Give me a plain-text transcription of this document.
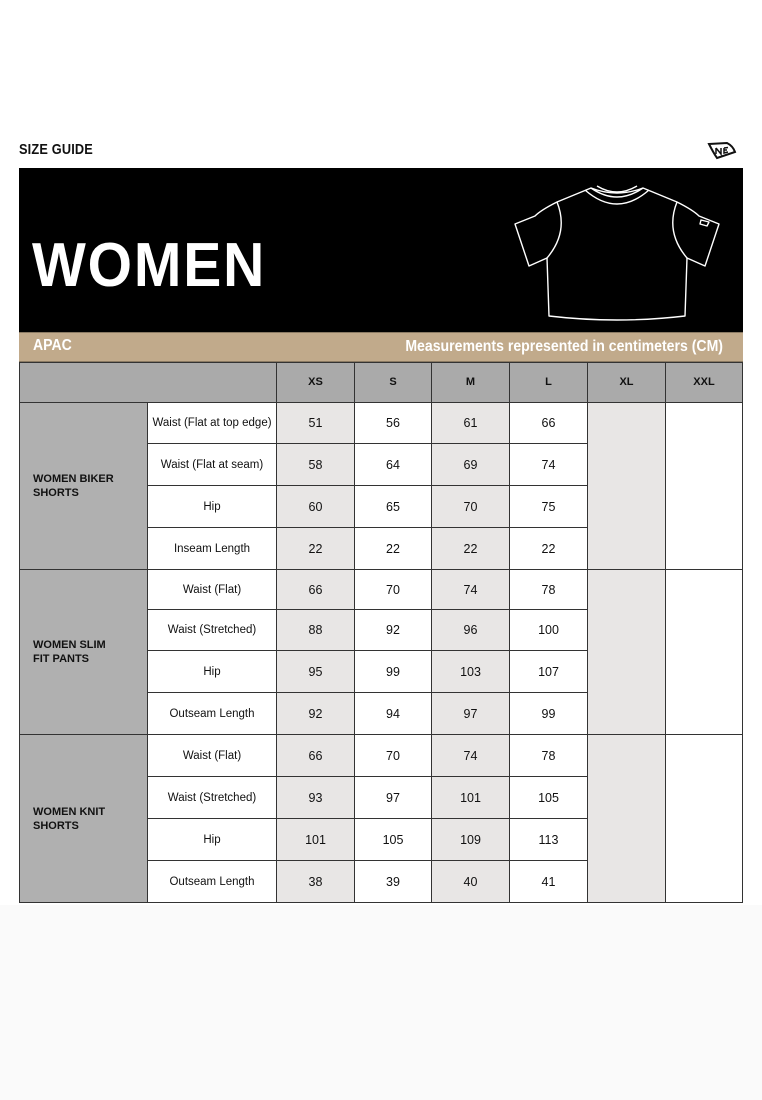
SIZE GUIDE
WOMEN
APAC	Measurements represented in centimeters (CM)
XS	S	M	L	XL	XXL
WOMEN BIKER SHORTS
Waist (Flat at top edge)	51	56	61	66
Waist (Flat at seam)	58	64	69	74
Hip	60	65	70	75
Inseam Length	22	22	22	22
WOMEN SLIM FIT PANTS
Waist (Flat)	66	70	74	78
Waist (Stretched)	88	92	96	100
Hip	95	99	103	107
Outseam Length	92	94	97	99
WOMEN KNIT SHORTS
Waist (Flat)	66	70	74	78
Waist (Stretched)	93	97	101	105
Hip	101	105	109	113
Outseam Length	38	39	40	41
